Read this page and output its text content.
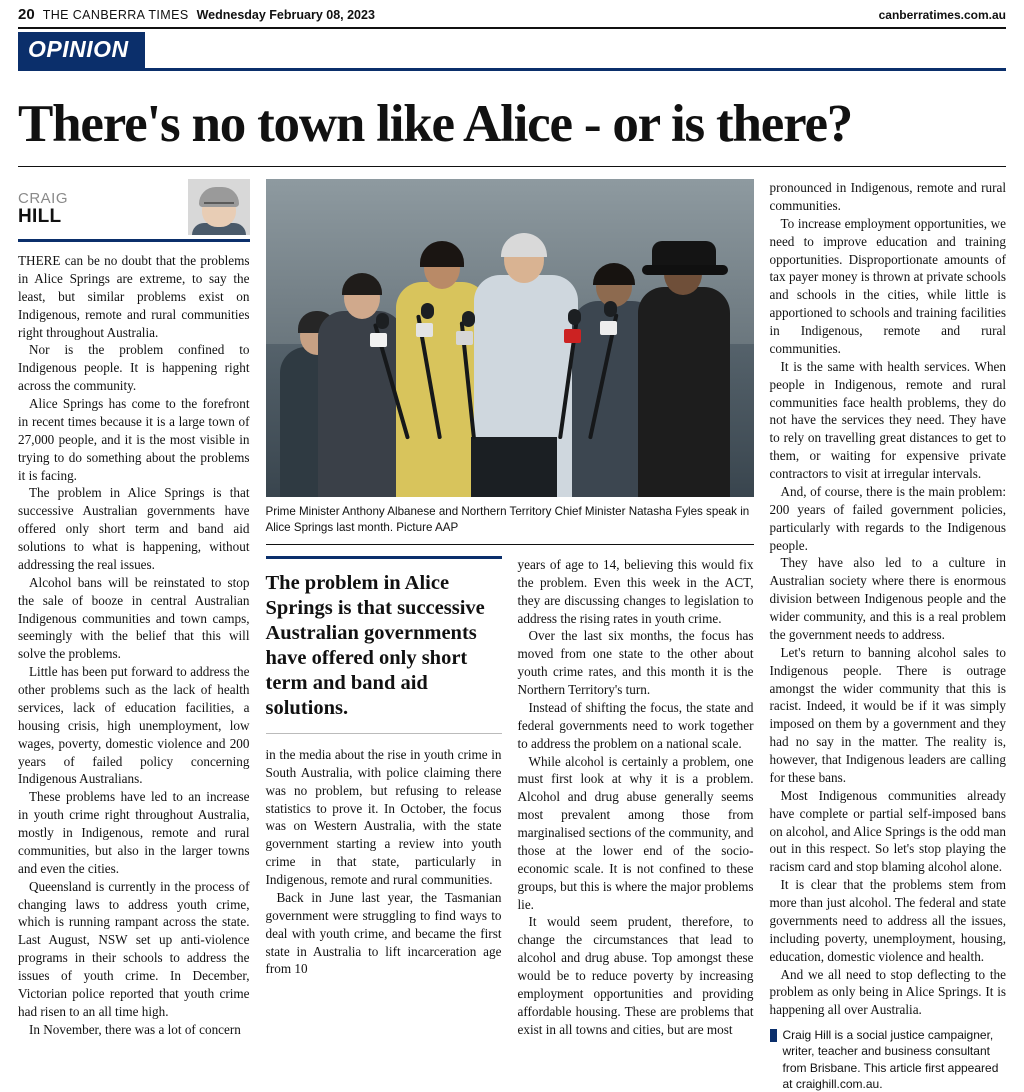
20 THE CANBERRA TIMES Wednesday February 08, 2023	canberratimes.com.au
OPINION
There's no town like Alice - or is there?
CRAIG
HILL

THERE can be no doubt that the problems in Alice Springs are extreme, to say the least, but similar problems exist on Indigenous, remote and rural communities right throughout Australia.

Nor is the problem confined to Indigenous people. It is happening right across the community.

Alice Springs has come to the forefront in recent times because it is a large town of 27,000 people, and it is the most visible in trying to do something about the problems it is facing.

The problem in Alice Springs is that successive Australian governments have offered only short term and band aid solutions to what is happening, without addressing the real issues.

Alcohol bans will be reinstated to stop the sale of booze in central Australian Indigenous communities and town camps, seemingly with the belief that this will solve the problems.

Little has been put forward to address the other problems such as the lack of health services, lack of education facilities, a housing crisis, high unemployment, low wages, poverty, domestic violence and 200 years of failed policy concerning Indigenous Australians.

These problems have led to an increase in youth crime right throughout Australia, mostly in Indigenous, remote and rural communities, but also in the larger towns and even the cities.

Queensland is currently in the process of changing laws to address youth crime, which is running rampant across the state. Last August, NSW set up anti-violence programs in their schools to address the issues of youth crime. In December, Victorian police reported that youth crime had risen to an all time high.

In November, there was a lot of concern

Prime Minister Anthony Albanese and Northern Territory Chief Minister Natasha Fyles speak in Alice Springs last month. Picture AAP
The problem in Alice Springs is that successive Australian governments have offered only short term and band aid solutions.

in the media about the rise in youth crime in South Australia, with police claiming there was no problem, but refusing to release statistics to prove it. In October, the focus was on Western Australia, with the state government starting a review into youth crime in that state, particularly in Indigenous, remote and rural communities.

Back in June last year, the Tasmanian government were struggling to find ways to deal with youth crime, and became the first state in Australia to lift incarceration age from 10

years of age to 14, believing this would fix the problem. Even this week in the ACT, they are discussing changes to legislation to address the rising rates in youth crime.

Over the last six months, the focus has moved from one state to the other about youth crime rates, and this month it is the Northern Territory's turn.

Instead of shifting the focus, the state and federal governments need to work together to address the problem on a national scale.

While alcohol is certainly a problem, one must first look at why it is a problem. Alcohol and drug abuse generally seems most prevalent among those from marginalised sections of the community, and those at the lower end of the socio-economic scale. It is not confined to these groups, but this is where the major problems lie.

It would seem prudent, therefore, to change the circumstances that lead to alcohol and drug abuse. Top amongst these would be to reduce poverty by increasing employment opportunities and providing affordable housing. These are problems that exist in all towns and cities, but are most

pronounced in Indigenous, remote and rural communities.

To increase employment opportunities, we need to improve education and training opportunities. Disproportionate amounts of tax payer money is thrown at private schools and schools in the cities, while little is apportioned to schools and training facilities in Indigenous, remote and rural communities.

It is the same with health services. When people in Indigenous, remote and rural communities face health problems, they do not have the services they need. They have to rely on travelling great distances to get to them, or waiting for expensive private contractors to visit at irregular intervals.

And, of course, there is the main problem: 200 years of failed government policies, particularly with regards to the Indigenous people.

They have also led to a culture in Australian society where there is enormous division between Indigenous people and the wider community, and this is a real problem the government needs to address.

Let's return to banning alcohol sales to Indigenous people. There is outrage amongst the wider community that this is racist. Indeed, it would be if it was simply imposed on them by a government and they had no say in the matter. The reality is, however, that Indigenous leaders are calling for these bans.

Most Indigenous communities already have complete or partial self-imposed bans on alcohol, and Alice Springs is the odd man out in this respect. So let's stop playing the racism card and stop blaming alcohol alone.

It is clear that the problems stem from more than just alcohol. The federal and state governments need to address all the issues, including poverty, unemployment, housing, education, domestic violence and health.

And we all need to stop deflecting to the problem as only being in Alice Springs. It is happening all over Australia.

Craig Hill is a social justice campaigner, writer, teacher and business consultant from Brisbane. This article first appeared at craighill.com.au.
